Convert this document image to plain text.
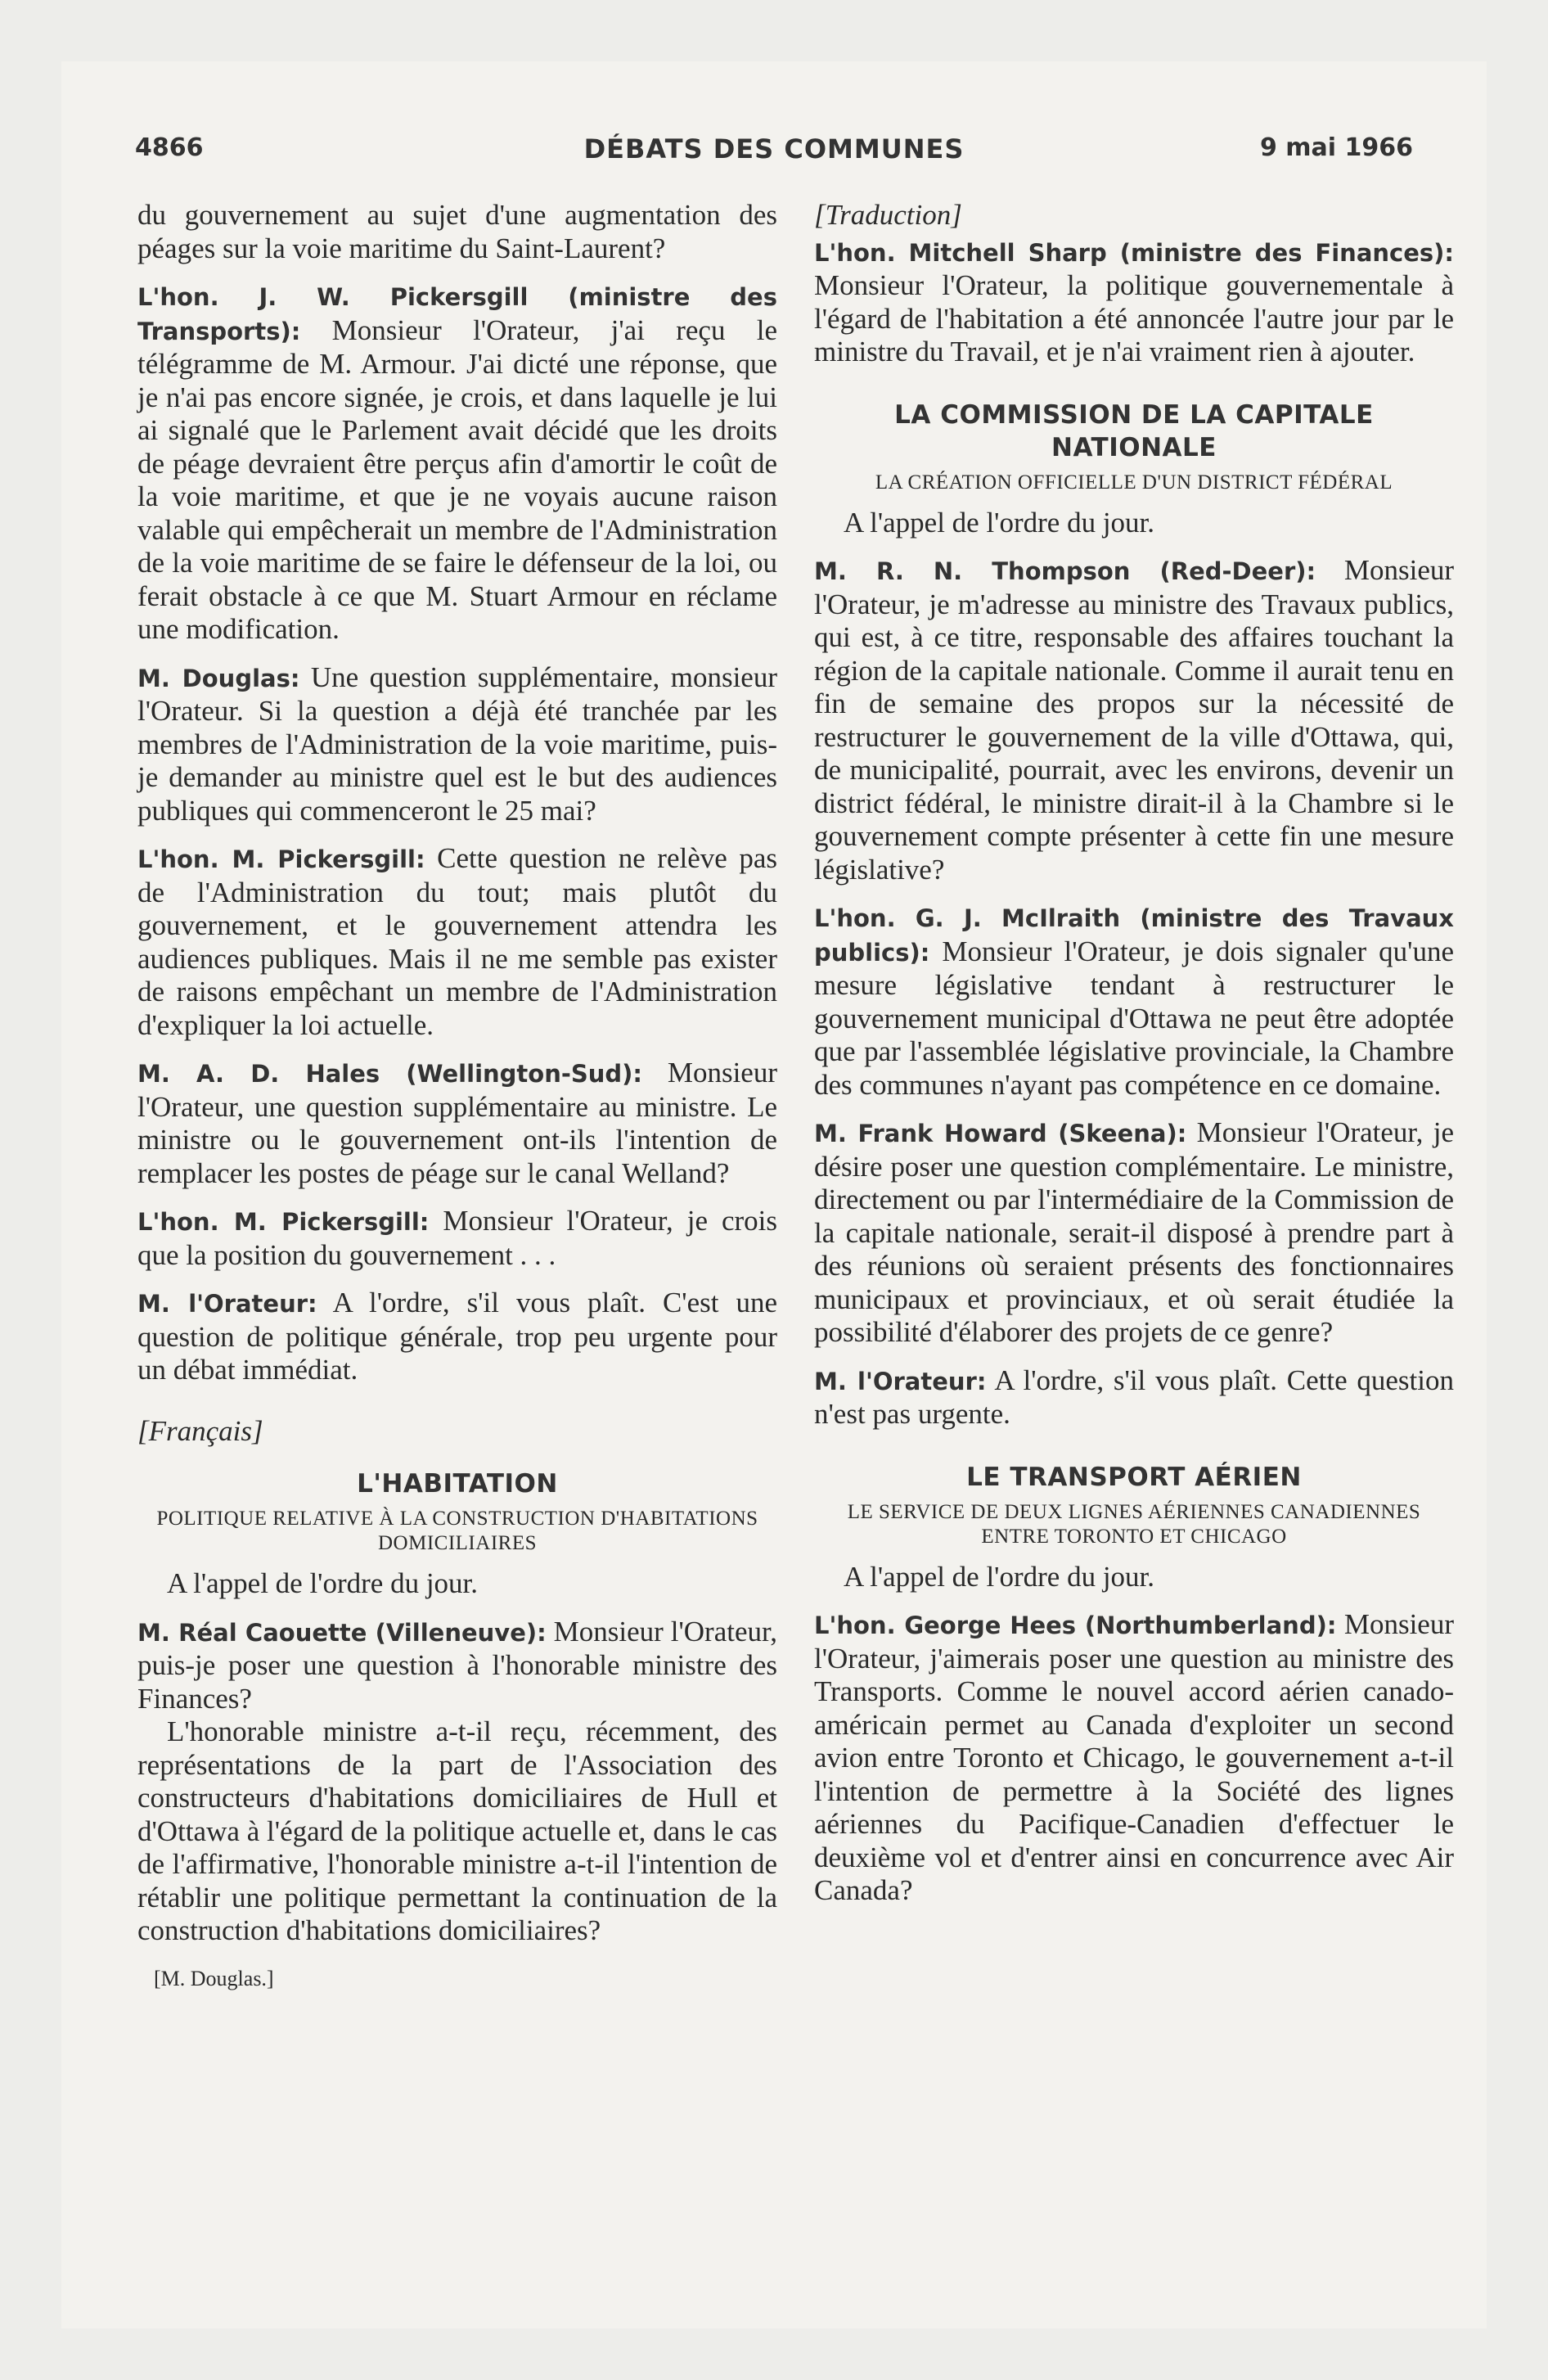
4866	DÉBATS DES COMMUNES	9 mai 1966

du gouvernement au sujet d'une augmentation des péages sur la voie maritime du Saint-Laurent?

L'hon. J. W. Pickersgill (ministre des Transports): Monsieur l'Orateur, j'ai reçu le télégramme de M. Armour. J'ai dicté une réponse, que je n'ai pas encore signée, je crois, et dans laquelle je lui ai signalé que le Parlement avait décidé que les droits de péage devraient être perçus afin d'amortir le coût de la voie maritime, et que je ne voyais aucune raison valable qui empêcherait un membre de l'Administration de la voie maritime de se faire le défenseur de la loi, ou ferait obstacle à ce que M. Stuart Armour en réclame une modification.

M. Douglas: Une question supplémentaire, monsieur l'Orateur. Si la question a déjà été tranchée par les membres de l'Administration de la voie maritime, puis-je demander au ministre quel est le but des audiences publiques qui commenceront le 25 mai?

L'hon. M. Pickersgill: Cette question ne relève pas de l'Administration du tout; mais plutôt du gouvernement, et le gouvernement attendra les audiences publiques. Mais il ne me semble pas exister de raisons empêchant un membre de l'Administration d'expliquer la loi actuelle.

M. A. D. Hales (Wellington-Sud): Monsieur l'Orateur, une question supplémentaire au ministre. Le ministre ou le gouvernement ont-ils l'intention de remplacer les postes de péage sur le canal Welland?

L'hon. M. Pickersgill: Monsieur l'Orateur, je crois que la position du gouvernement . . .

M. l'Orateur: A l'ordre, s'il vous plaît. C'est une question de politique générale, trop peu urgente pour un débat immédiat.

[Français]

L'HABITATION
POLITIQUE RELATIVE À LA CONSTRUCTION D'HABITATIONS DOMICILIAIRES

A l'appel de l'ordre du jour.

M. Réal Caouette (Villeneuve): Monsieur l'Orateur, puis-je poser une question à l'honorable ministre des Finances?

L'honorable ministre a-t-il reçu, récemment, des représentations de la part de l'Association des constructeurs d'habitations domiciliaires de Hull et d'Ottawa à l'égard de la politique actuelle et, dans le cas de l'affirmative, l'honorable ministre a-t-il l'intention de rétablir une politique permettant la continuation de la construction d'habitations domiciliaires?

[M. Douglas.]

[Traduction]

L'hon. Mitchell Sharp (ministre des Finances): Monsieur l'Orateur, la politique gouvernementale à l'égard de l'habitation a été annoncée l'autre jour par le ministre du Travail, et je n'ai vraiment rien à ajouter.

LA COMMISSION DE LA CAPITALE NATIONALE
LA CRÉATION OFFICIELLE D'UN DISTRICT FÉDÉRAL

A l'appel de l'ordre du jour.

M. R. N. Thompson (Red-Deer): Monsieur l'Orateur, je m'adresse au ministre des Travaux publics, qui est, à ce titre, responsable des affaires touchant la région de la capitale nationale. Comme il aurait tenu en fin de semaine des propos sur la nécessité de restructurer le gouvernement de la ville d'Ottawa, qui, de municipalité, pourrait, avec les environs, devenir un district fédéral, le ministre dirait-il à la Chambre si le gouvernement compte présenter à cette fin une mesure législative?

L'hon. G. J. McIlraith (ministre des Travaux publics): Monsieur l'Orateur, je dois signaler qu'une mesure législative tendant à restructurer le gouvernement municipal d'Ottawa ne peut être adoptée que par l'assemblée législative provinciale, la Chambre des communes n'ayant pas compétence en ce domaine.

M. Frank Howard (Skeena): Monsieur l'Orateur, je désire poser une question complémentaire. Le ministre, directement ou par l'intermédiaire de la Commission de la capitale nationale, serait-il disposé à prendre part à des réunions où seraient présents des fonctionnaires municipaux et provinciaux, et où serait étudiée la possibilité d'élaborer des projets de ce genre?

M. l'Orateur: A l'ordre, s'il vous plaît. Cette question n'est pas urgente.

LE TRANSPORT AÉRIEN
LE SERVICE DE DEUX LIGNES AÉRIENNES CANADIENNES ENTRE TORONTO ET CHICAGO

A l'appel de l'ordre du jour.

L'hon. George Hees (Northumberland): Monsieur l'Orateur, j'aimerais poser une question au ministre des Transports. Comme le nouvel accord aérien canado-américain permet au Canada d'exploiter un second avion entre Toronto et Chicago, le gouvernement a-t-il l'intention de permettre à la Société des lignes aériennes du Pacifique-Canadien d'effectuer le deuxième vol et d'entrer ainsi en concurrence avec Air Canada?
